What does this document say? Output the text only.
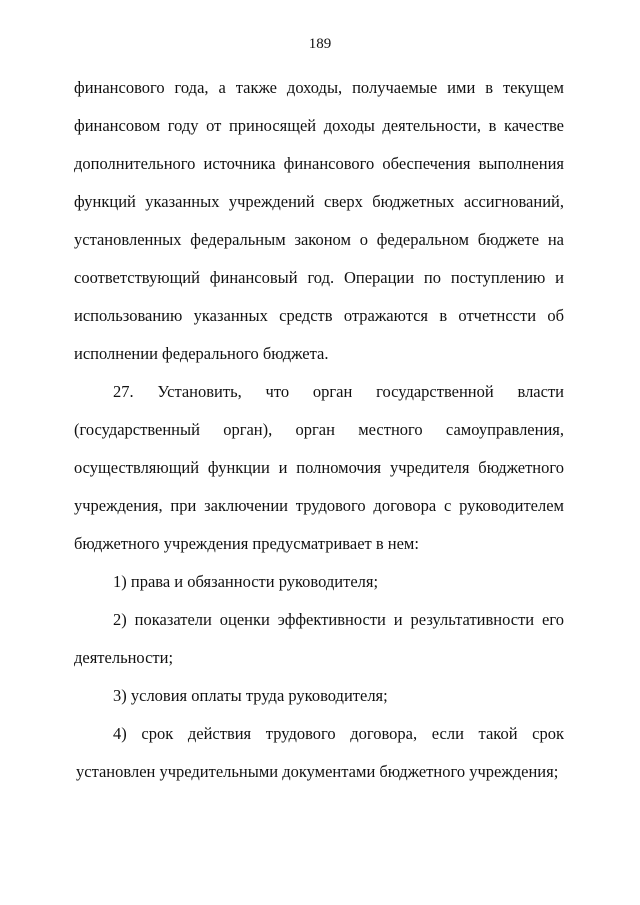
189
финансового года, а также доходы, получаемые ими в текущем
финансовом году от приносящей доходы деятельности, в качестве
дополнительного источника финансового обеспечения выполнения
функций указанных учреждений сверх бюджетных ассигнований,
установленных федеральным законом о федеральном бюджете на
соответствующий финансовый год. Операции по поступлению и
использованию указанных средств отражаются в отчетнсcти об
исполнении федерального бюджета.
27. Установить, что орган государственной власти
(государственный орган), орган местного самоуправления,
осуществляющий функции и полномочия учредителя бюджетного
учреждения, при заключении трудового договора с руководителем
бюджетного учреждения предусматривает в нем:
1) права и обязанности руководителя;
2) показатели оценки эффективности и результативности его
деятельности;
3) условия оплаты труда руководителя;
4) срок действия трудового договора, если такой срок
установлен учредительными документами бюджетного учреждения;
